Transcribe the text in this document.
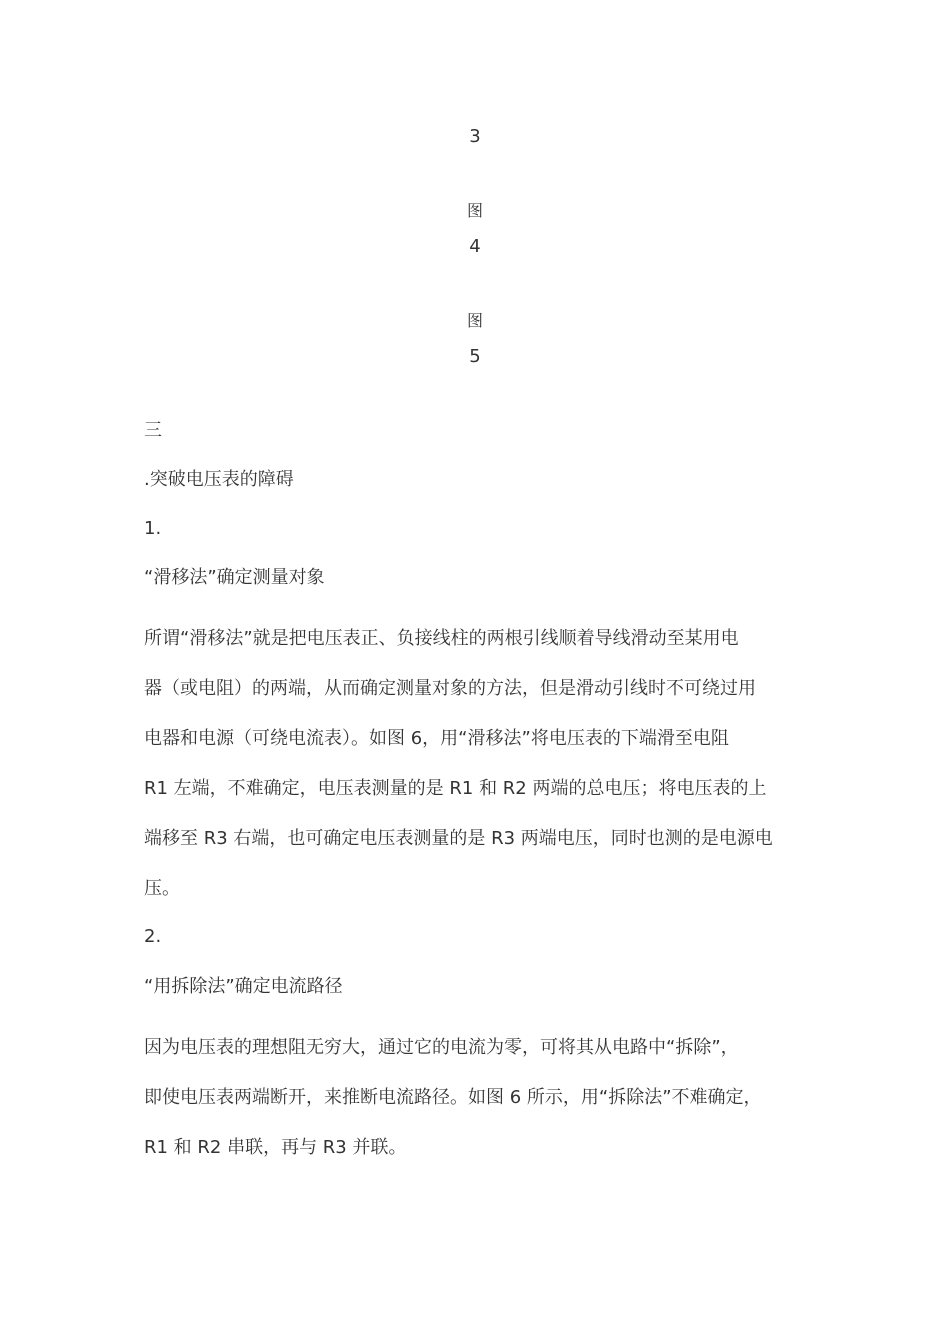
3
图
4
图
5
三
.突破电压表的障碍
1.
“滑移法”确定测量对象
所谓“滑移法”就是把电压表正、负接线柱的两根引线顺着导线滑动至某用电
器（或电阻）的两端，从而确定测量对象的方法，但是滑动引线时不可绕过用
电器和电源（可绕电流表）。如图 6，用“滑移法”将电压表的下端滑至电阻
R1 左端，不难确定，电压表测量的是 R1 和 R2 两端的总电压；将电压表的上
端移至 R3 右端，也可确定电压表测量的是 R3 两端电压，同时也测的是电源电
压。
2.
“用拆除法”确定电流路径
因为电压表的理想阻无穷大，通过它的电流为零，可将其从电路中“拆除”，
即使电压表两端断开，来推断电流路径。如图 6 所示，用“拆除法”不难确定，
R1 和 R2 串联，再与 R3 并联。
